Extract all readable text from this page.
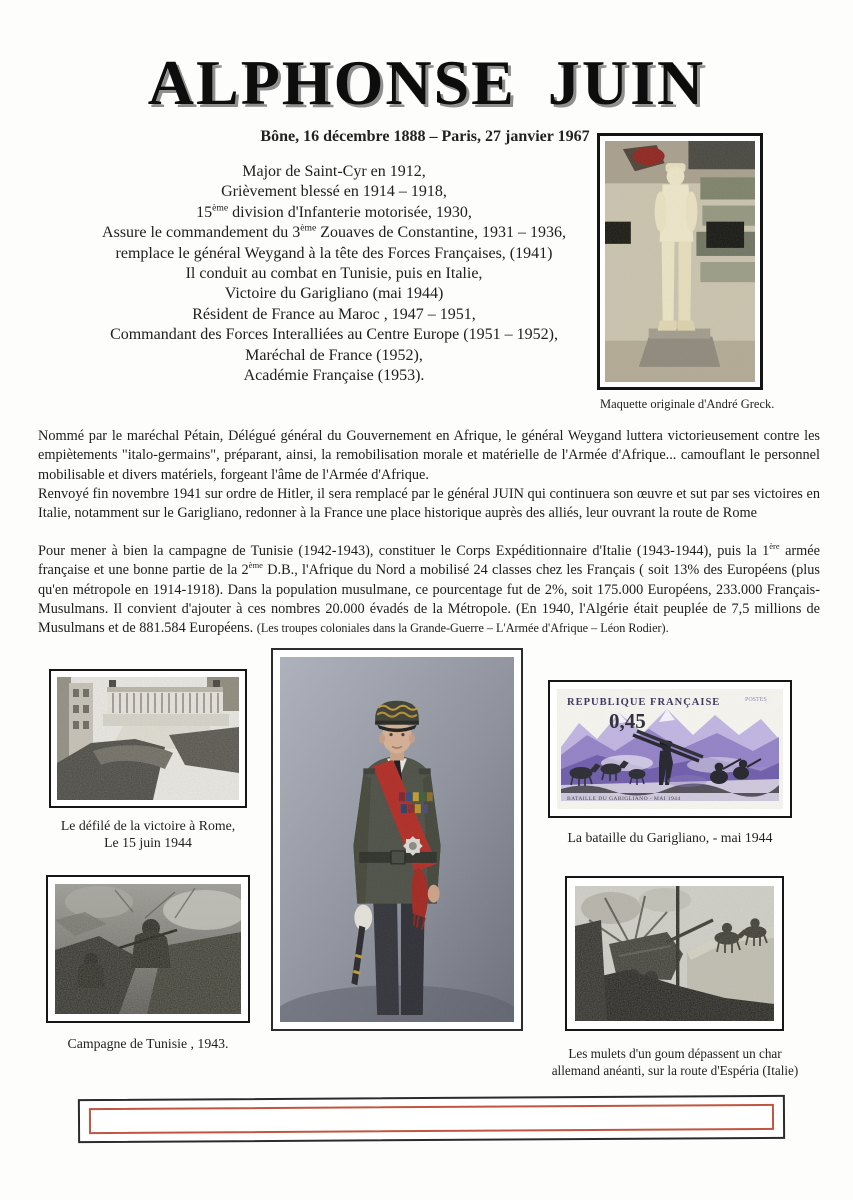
ALPHONSE JUIN
Bône, 16 décembre 1888 – Paris, 27 janvier 1967
Major de Saint-Cyr en 1912,
Grièvement blessé en 1914 – 1918,
15ème division d'Infanterie motorisée, 1930,
Assure le commandement du 3ème Zouaves de Constantine, 1931 – 1936,
remplace le général Weygand à la tête des Forces Françaises, (1941)
Il conduit au combat en Tunisie, puis en Italie,
Victoire du Garigliano (mai 1944)
Résident de France au Maroc , 1947 – 1951,
Commandant des Forces Interalliées au Centre Europe (1951 – 1952),
Maréchal de France (1952),
Académie Française (1953).
Maquette originale d'André Greck.

Nommé par le maréchal Pétain, Délégué général du Gouvernement en Afrique, le général Weygand luttera victorieusement contre les empiètements "italo-germains", préparant, ainsi, la remobilisation morale et matérielle de l'Armée d'Afrique... camouflant le personnel mobilisable et divers matériels, forgeant l'âme de l'Armée d'Afrique.
Renvoyé fin novembre 1941 sur ordre de Hitler, il sera remplacé par le général JUIN qui continuera son œuvre et sut par ses victoires en Italie, notamment sur le Garigliano, redonner à la France une place historique auprès des alliés, leur ouvrant la route de Rome

Pour mener à bien la campagne de Tunisie (1942-1943), constituer le Corps Expéditionnaire d'Italie (1943-1944), puis la 1ère armée française et une bonne partie de la 2ème D.B., l'Afrique du Nord a mobilisé 24 classes chez les Français ( soit 13% des Européens (plus qu'en métropole en 1914-1918). Dans la population musulmane, ce pourcentage fut de 2%, soit 175.000 Européens, 233.000 Français-Musulmans. Il convient d'ajouter à ces nombres 20.000 évadés de la Métropole. (En 1940, l'Algérie était peuplée de 7,5 millions de Musulmans et de 881.584 Européens. (Les troupes coloniales dans la Grande-Guerre – L'Armée d'Afrique – Léon Rodier).

Le défilé de la victoire à Rome,
Le 15 juin 1944
REPUBLIQUE FRANÇAISE	POSTES
0,45
BATAILLE DU GARIGLIANO - MAI 1944
La bataille du Garigliano, - mai 1944
Campagne de Tunisie , 1943.
Les mulets d'un goum dépassent un char
allemand anéanti, sur la route d'Espéria (Italie)
